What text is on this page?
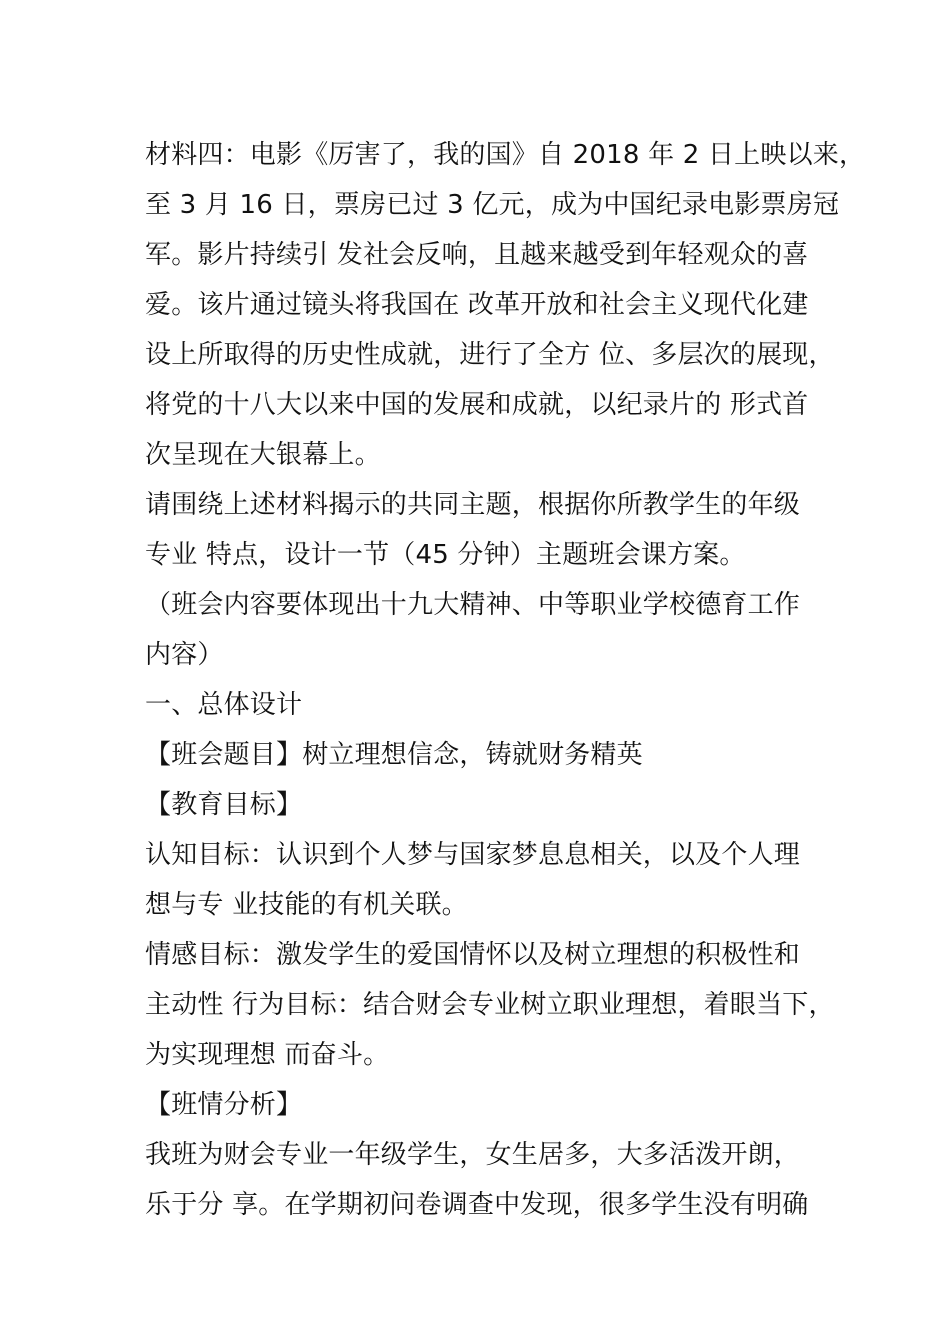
材料四：电影《厉害了，我的国》自 2018 年 2 日上映以来，
至 3 月 16 日，票房已过 3 亿元，成为中国纪录电影票房冠
军。影片持续引 发社会反响，且越来越受到年轻观众的喜
爱。该片通过镜头将我国在 改革开放和社会主义现代化建
设上所取得的历史性成就，进行了全方 位、多层次的展现，
将党的十八大以来中国的发展和成就，以纪录片的 形式首
次呈现在大银幕上。
请围绕上述材料揭示的共同主题，根据你所教学生的年级
专业 特点，设计一节（45 分钟）主题班会课方案。
（班会内容要体现出十九大精神、中等职业学校德育工作
内容）
一、总体设计
【班会题目】树立理想信念，铸就财务精英
【教育目标】
认知目标：认识到个人梦与国家梦息息相关，以及个人理
想与专 业技能的有机关联。
情感目标：激发学生的爱国情怀以及树立理想的积极性和
主动性 行为目标：结合财会专业树立职业理想，着眼当下，
为实现理想 而奋斗。
【班情分析】
我班为财会专业一年级学生，女生居多，大多活泼开朗，
乐于分 享。在学期初问卷调查中发现，很多学生没有明确
